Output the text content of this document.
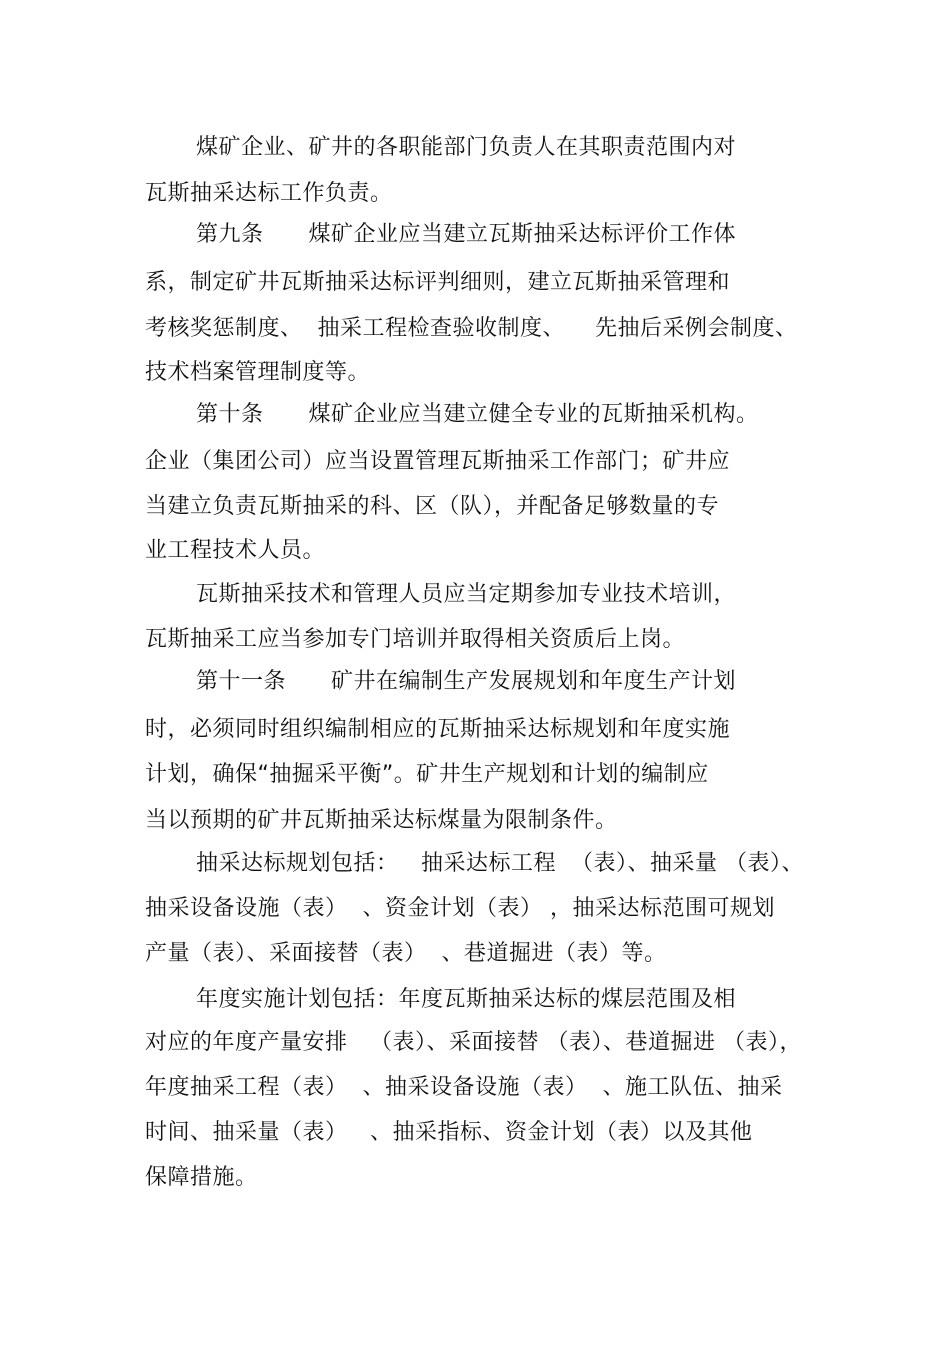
煤矿企业、矿井的各职能部门负责人在其职责范围内对
瓦斯抽采达标工作负责。
第九条　　煤矿企业应当建立瓦斯抽采达标评价工作体
系，制定矿井瓦斯抽采达标评判细则，建立瓦斯抽采管理和
考核奖惩制度、  抽采工程检查验收制度、    先抽后采例会制度、
技术档案管理制度等。
第十条　　煤矿企业应当建立健全专业的瓦斯抽采机构。
企业（集团公司）应当设置管理瓦斯抽采工作部门；矿井应
当建立负责瓦斯抽采的科、区（队），并配备足够数量的专
业工程技术人员。
瓦斯抽采技术和管理人员应当定期参加专业技术培训，
瓦斯抽采工应当参加专门培训并取得相关资质后上岗。
第十一条　　矿井在编制生产发展规划和年度生产计划
时，必须同时组织编制相应的瓦斯抽采达标规划和年度实施
计划，确保“抽掘采平衡”。矿井生产规划和计划的编制应
当以预期的矿井瓦斯抽采达标煤量为限制条件。
抽采达标规划包括：   抽采达标工程  （表）、抽采量 （表）、
抽采设备设施（表）  、资金计划（表） ，抽采达标范围可规划
产量（表）、采面接替（表）  、巷道掘进（表）等。
年度实施计划包括：年度瓦斯抽采达标的煤层范围及相
对应的年度产量安排   （表）、采面接替 （表）、巷道掘进 （表），
年度抽采工程（表）  、抽采设备设施（表）  、施工队伍、抽采
时间、抽采量（表）   、抽采指标、资金计划（表）以及其他
保障措施。
